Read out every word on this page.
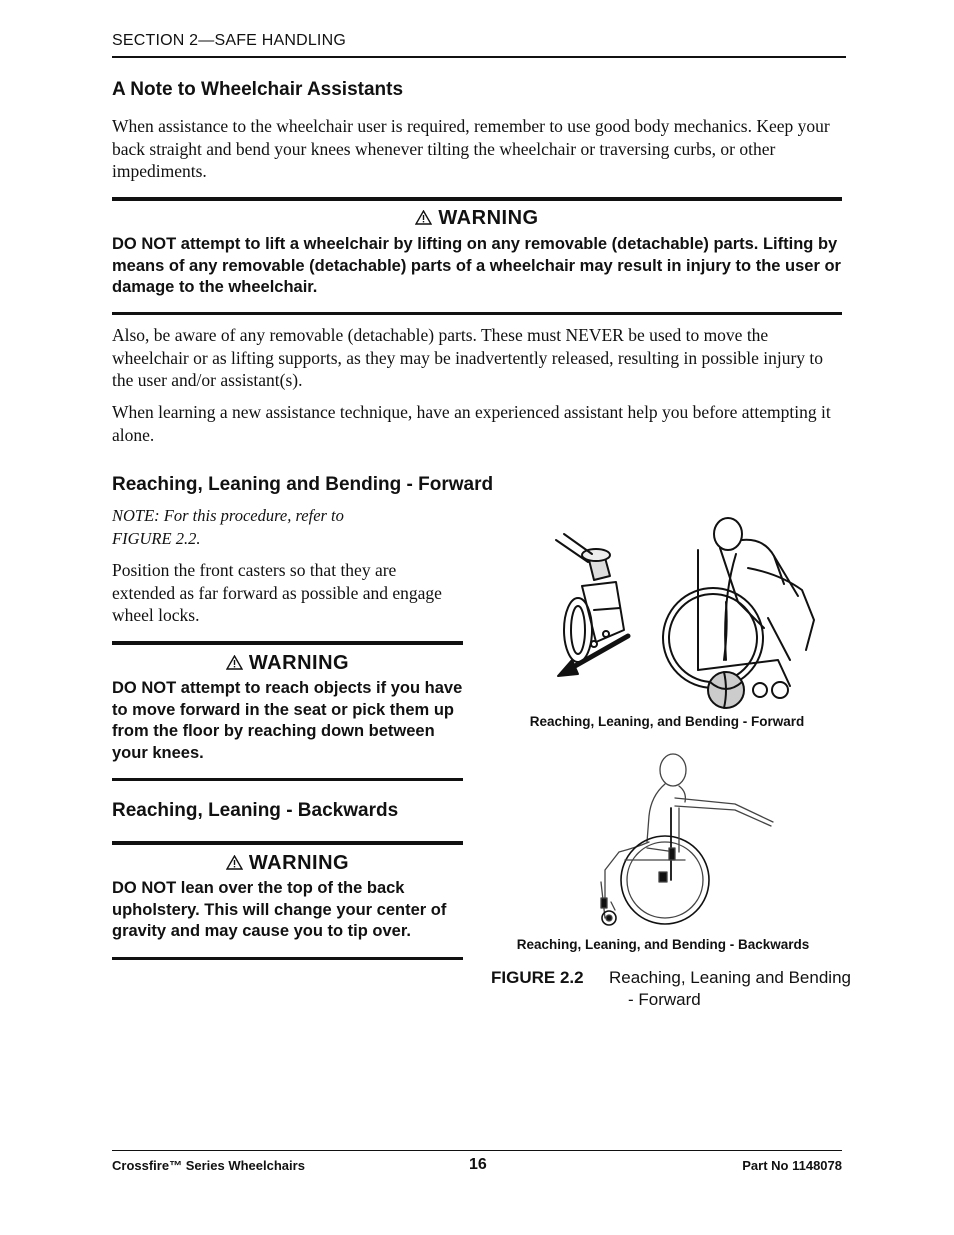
SECTION 2—SAFE HANDLING
A Note to Wheelchair Assistants

When assistance to the wheelchair user is required, remember to use good body mechanics. Keep your back straight and bend your knees whenever tilting the wheelchair or traversing curbs, or other impediments.

WARNING

DO NOT attempt to lift a wheelchair by lifting on any removable (detachable) parts. Lifting by means of any removable (detachable) parts of a wheelchair may result in injury to the user or damage to the wheelchair.

Also, be aware of any removable (detachable) parts. These must NEVER be used to move the wheelchair or as lifting supports, as they may be inadvertently released, resulting in possible injury to the user and/or assistant(s).

When learning a new assistance technique, have an experienced assistant help you before attempting it alone.

Reaching, Leaning and Bending - Forward

NOTE: For this procedure, refer to FIGURE 2.2.

Position the front casters so that they are extended as far forward as possible and engage wheel locks.

WARNING

DO NOT attempt to reach objects if you have to move forward in the seat or pick them up from the floor by reaching down between your knees.

Reaching, Leaning - Backwards
WARNING

DO NOT lean over the top of the back upholstery. This will change your center of gravity and may cause you to tip over.

Reaching, Leaning, and Bending - Forward
Reaching, Leaning, and Bending - Backwards
FIGURE 2.2 Reaching, Leaning and Bending
- Forward
Crossfire™ Series Wheelchairs	16	Part No 1148078
